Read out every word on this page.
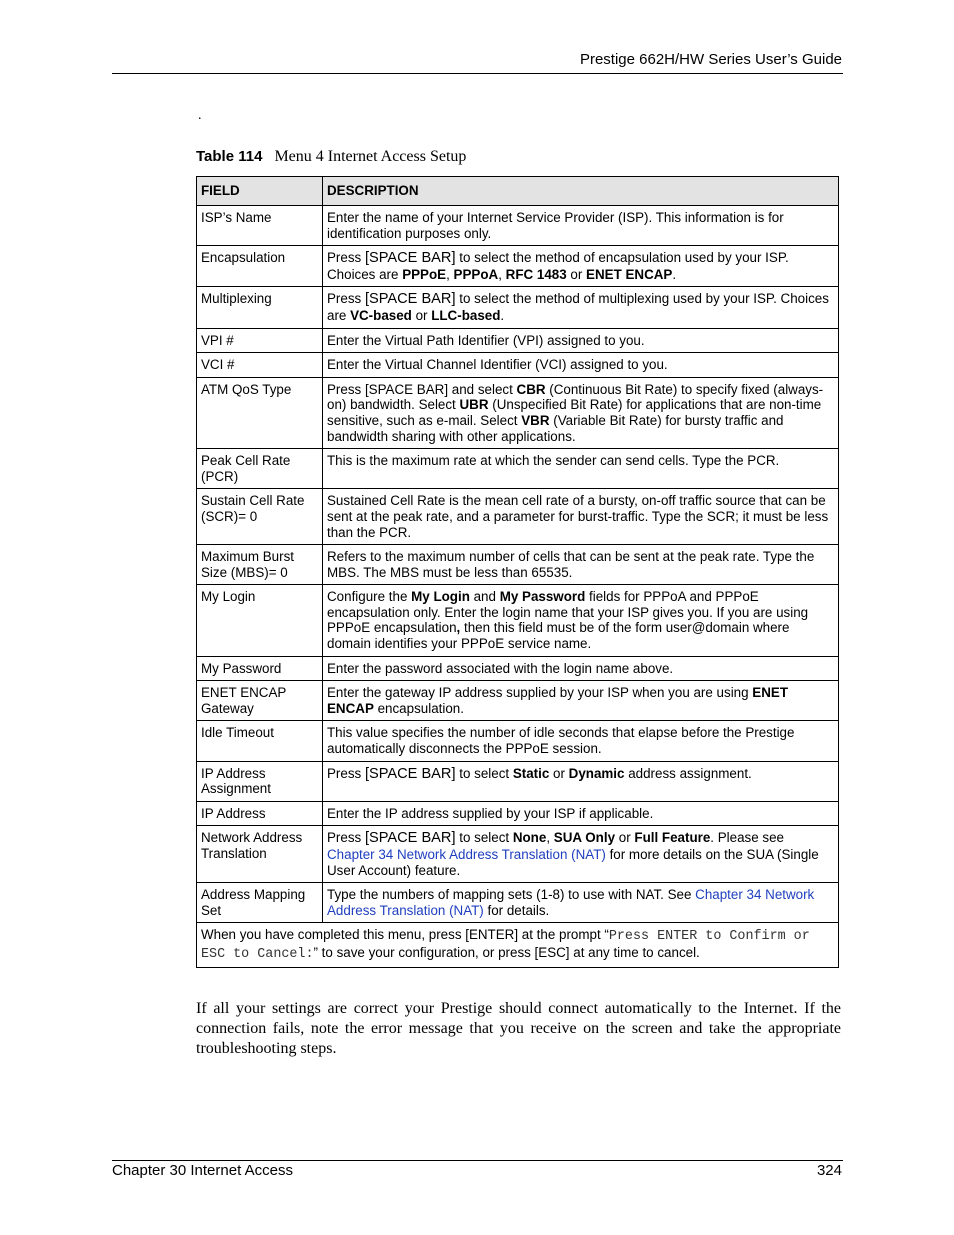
Prestige 662H/HW Series User’s Guide
.
Table 114 Menu 4 Internet Access Setup
FIELD	DESCRIPTION
ISP’s Name	Enter the name of your Internet Service Provider (ISP). This information is for identification purposes only.
Encapsulation	Press [SPACE BAR] to select the method of encapsulation used by your ISP. Choices are PPPoE, PPPoA, RFC 1483 or ENET ENCAP.
Multiplexing	Press [SPACE BAR] to select the method of multiplexing used by your ISP. Choices are VC-based or LLC-based.
VPI #	Enter the Virtual Path Identifier (VPI) assigned to you.
VCI #	Enter the Virtual Channel Identifier (VCI) assigned to you.
ATM QoS Type	Press [SPACE BAR] and select CBR (Continuous Bit Rate) to specify fixed (always-on) bandwidth. Select UBR (Unspecified Bit Rate) for applications that are non-time sensitive, such as e-mail. Select VBR (Variable Bit Rate) for bursty traffic and bandwidth sharing with other applications.
Peak Cell Rate (PCR)	This is the maximum rate at which the sender can send cells. Type the PCR.
Sustain Cell Rate (SCR)= 0	Sustained Cell Rate is the mean cell rate of a bursty, on-off traffic source that can be sent at the peak rate, and a parameter for burst-traffic. Type the SCR; it must be less than the PCR.
Maximum Burst Size (MBS)= 0	Refers to the maximum number of cells that can be sent at the peak rate. Type the MBS. The MBS must be less than 65535.
My Login	Configure the My Login and My Password fields for PPPoA and PPPoE encapsulation only. Enter the login name that your ISP gives you. If you are using PPPoE encapsulation, then this field must be of the form user@domain where domain identifies your PPPoE service name.
My Password	Enter the password associated with the login name above.
ENET ENCAP Gateway	Enter the gateway IP address supplied by your ISP when you are using ENET ENCAP encapsulation.
Idle Timeout	This value specifies the number of idle seconds that elapse before the Prestige automatically disconnects the PPPoE session.
IP Address Assignment	Press [SPACE BAR] to select Static or Dynamic address assignment.
IP Address	Enter the IP address supplied by your ISP if applicable.
Network Address Translation	Press [SPACE BAR] to select None, SUA Only or Full Feature. Please see Chapter 34 Network Address Translation (NAT) for more details on the SUA (Single User Account) feature.
Address Mapping Set	Type the numbers of mapping sets (1-8) to use with NAT. See Chapter 34 Network Address Translation (NAT) for details.
When you have completed this menu, press [ENTER] at the prompt “Press ENTER to Confirm or ESC to Cancel:” to save your configuration, or press [ESC] at any time to cancel.	
If all your settings are correct your Prestige should connect automatically to the Internet. If the connection fails, note the error message that you receive on the screen and take the appropriate troubleshooting steps.
Chapter 30 Internet Access	324
